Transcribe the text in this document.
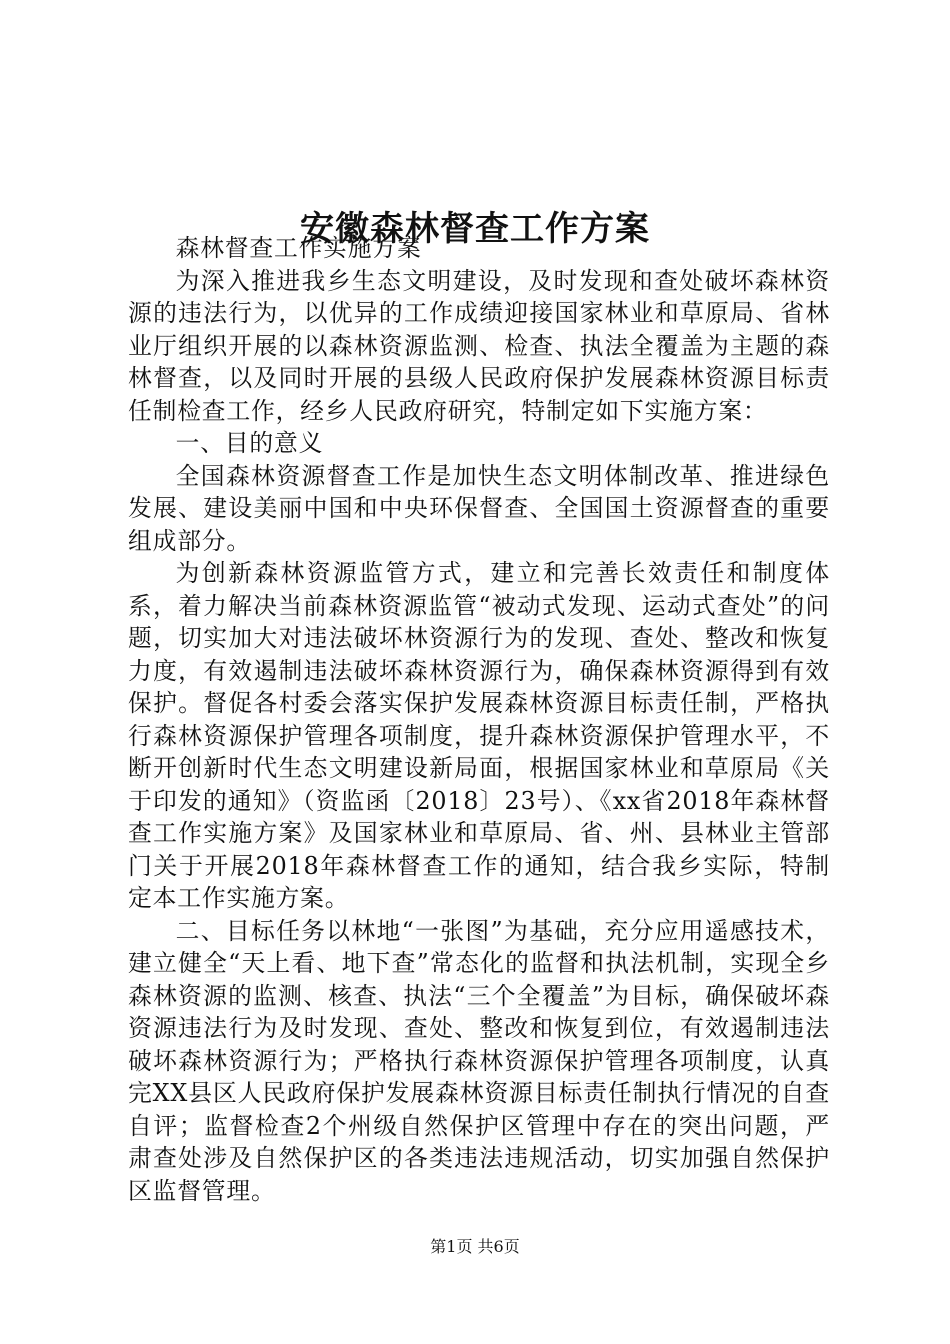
安徽森林督查工作方案

森林督查工作实施方案

为深入推进我乡生态文明建设，及时发现和查处破坏森林资源的违法行为，以优异的工作成绩迎接国家林业和草原局、省林业厅组织开展的以森林资源监测、检查、执法全覆盖为主题的森林督查，以及同时开展的县级人民政府保护发展森林资源目标责任制检查工作，经乡人民政府研究，特制定如下实施方案：

一、目的意义

全国森林资源督查工作是加快生态文明体制改革、推进绿色发展、建设美丽中国和中央环保督查、全国国土资源督查的重要组成部分。

为创新森林资源监管方式，建立和完善长效责任和制度体系，着力解决当前森林资源监管“被动式发现、运动式查处”的问题，切实加大对违法破坏林资源行为的发现、查处、整改和恢复力度，有效遏制违法破坏森林资源行为，确保森林资源得到有效保护。督促各村委会落实保护发展森林资源目标责任制，严格执行森林资源保护管理各项制度，提升森林资源保护管理水平，不断开创新时代生态文明建设新局面，根据国家林业和草原局《关于印发的通知》（资监函〔2018〕23号）、《xx省2018年森林督查工作实施方案》及国家林业和草原局、省、州、县林业主管部门关于开展2018年森林督查工作的通知，结合我乡实际，特制定本工作实施方案。

二、目标任务以林地“一张图”为基础，充分应用遥感技术，建立健全“天上看、地下查”常态化的监督和执法机制，实现全乡森林资源的监测、核查、执法“三个全覆盖”为目标，确保破坏森资源违法行为及时发现、查处、整改和恢复到位，有效遏制违法破坏森林资源行为；严格执行森林资源保护管理各项制度，认真完XX县区人民政府保护发展森林资源目标责任制执行情况的自查自评；监督检查2个州级自然保护区管理中存在的突出问题，严肃查处涉及自然保护区的各类违法违规活动，切实加强自然保护区监督管理。

第1页 共6页
